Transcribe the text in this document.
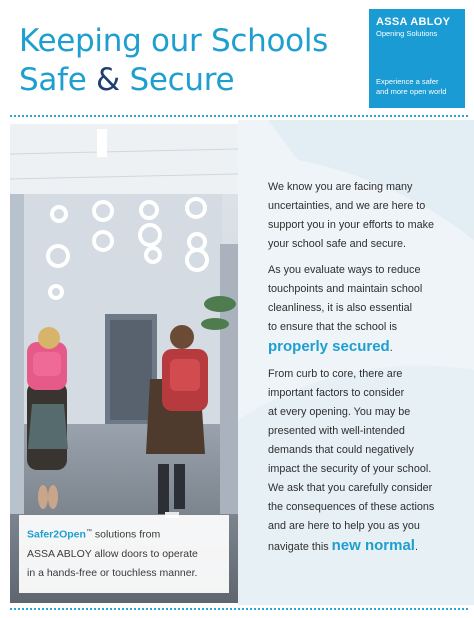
Keeping our Schools
Safe & Secure
ASSA ABLOY
Opening Solutions
Experience a safer
and more open world
Safer2Open™ solutions from
ASSA ABLOY allow doors to operate
in a hands-free or touchless manner.

We know you are facing many
uncertainties, and we are here to
support you in your efforts to make
your school safe and secure.

As you evaluate ways to reduce
touchpoints and maintain school
cleanliness, it is also essential
to ensure that the school is
properly secured.

From curb to core, there are
important factors to consider
at every opening. You may be
presented with well-intended
demands that could negatively
impact the security of your school.
We ask that you carefully consider
the consequences of these actions
and are here to help you as you
navigate this new normal.
